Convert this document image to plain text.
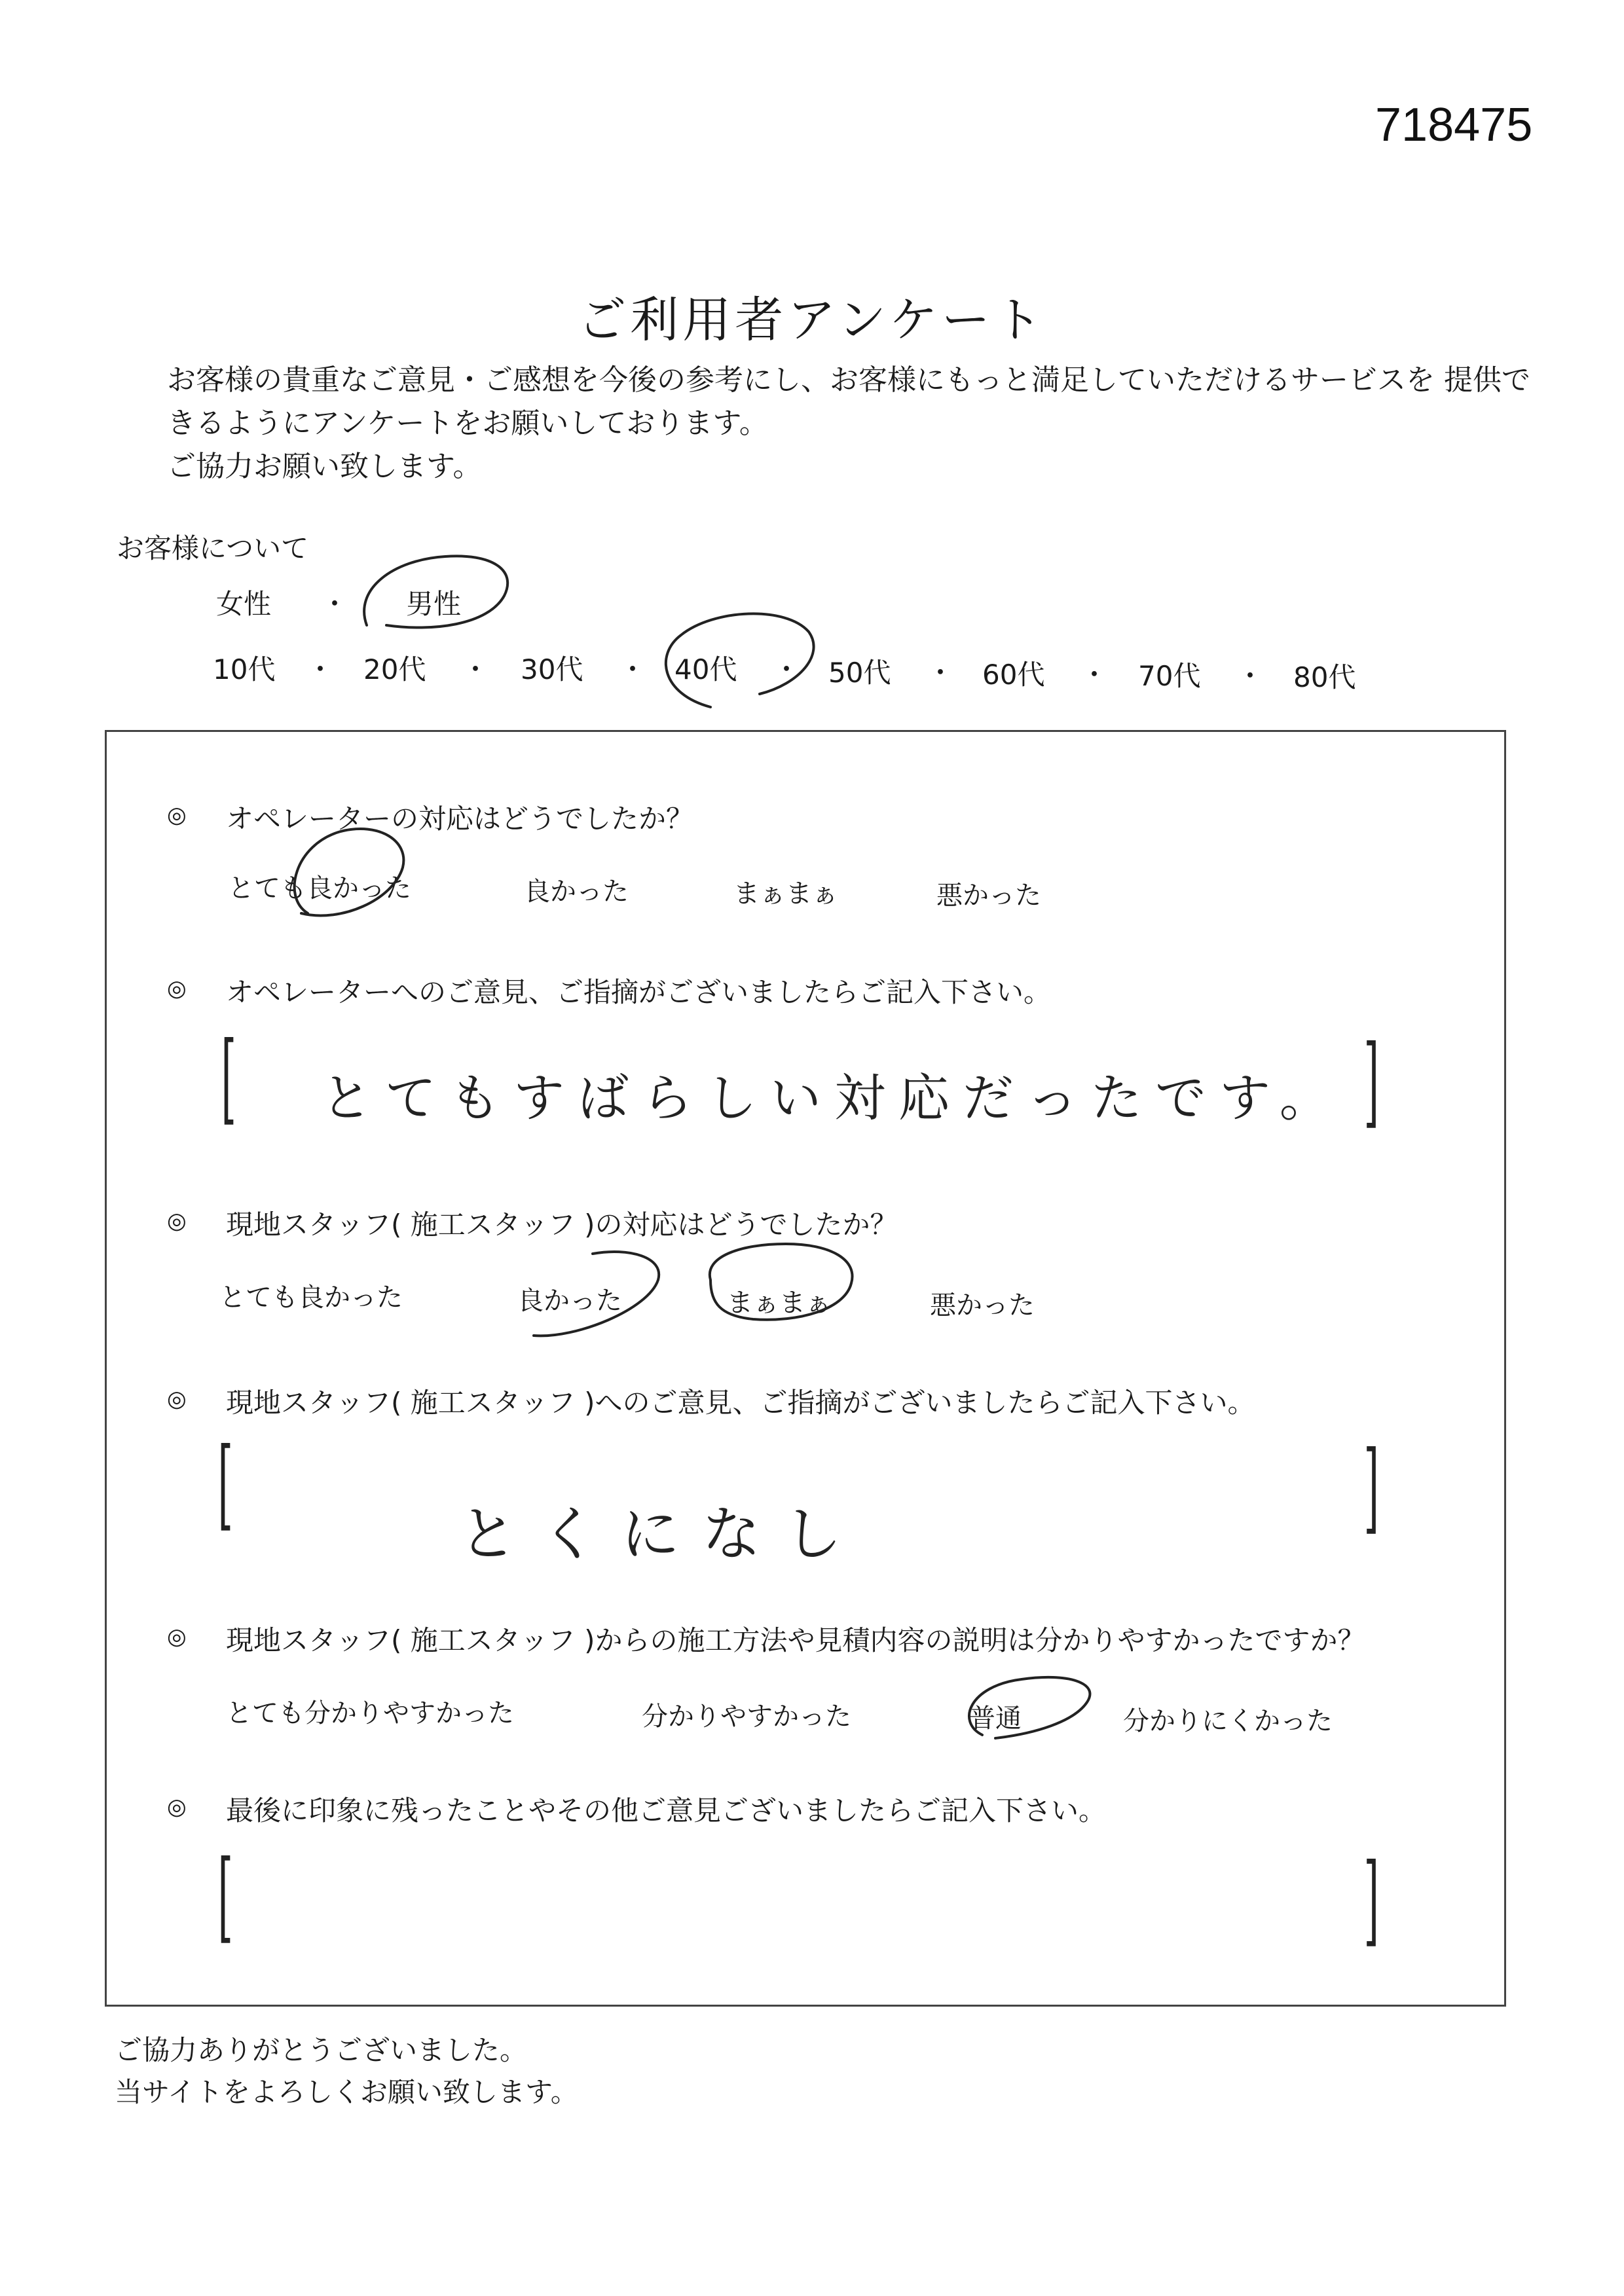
718475
ご利用者アンケート
お客様の貴重なご意見・ご感想を今後の参考にし、お客様にもっと満足していただけるサービスを 提供で
きるようにアンケートをお願いしております。
ご協力お願い致します。
お客様について
女性 ・ 男性
10代 ・ 20代 ・ 30代 ・ 40代 ・ 50代 ・ 60代 ・ 70代 ・ 80代
◎ オペレーターの対応はどうでしたか？
とても良かった	良かった	まぁまぁ	悪かった
◎ オペレーターへのご意見、ご指摘がございましたらご記入下さい。
[	]
とてもすばらしい対応だったです。
◎ 現地スタッフ( 施工スタッフ )の対応はどうでしたか？
とても良かった	良かった	まぁまぁ	悪かった
◎ 現地スタッフ( 施工スタッフ )へのご意見、ご指摘がございましたらご記入下さい。
[	]
とくになし
◎ 現地スタッフ( 施工スタッフ )からの施工方法や見積内容の説明は分かりやすかったですか？
とても分かりやすかった	分かりやすかった	普通	分かりにくかった
◎ 最後に印象に残ったことやその他ご意見ございましたらご記入下さい。
[	]
ご協力ありがとうございました。
当サイトをよろしくお願い致します。
